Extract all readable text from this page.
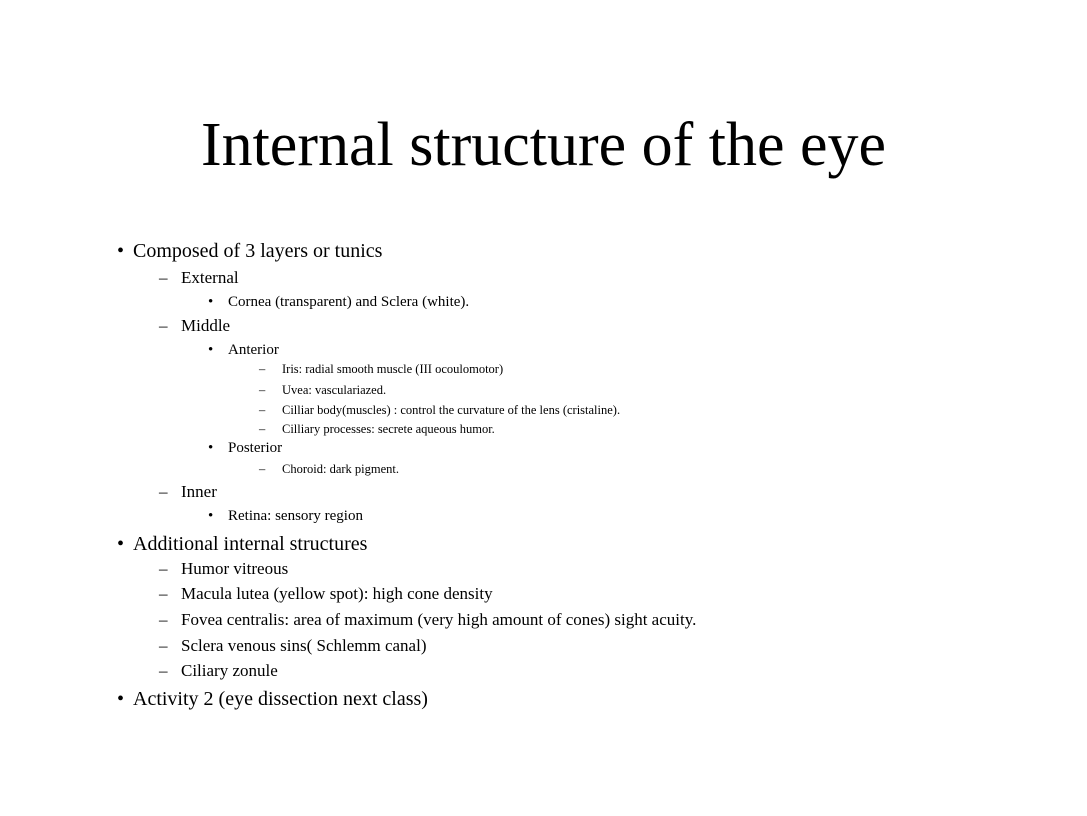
Internal structure of the eye
• Composed of 3 layers or tunics
– External
• Cornea (transparent) and Sclera (white).
– Middle
• Anterior
– Iris: radial smooth muscle (III ocoulomotor)
– Uvea: vasculariazed.
– Cilliar body(muscles) : control the curvature of the lens (cristaline).
– Cilliary processes: secrete aqueous humor.
• Posterior
– Choroid: dark pigment.
– Inner
• Retina: sensory region
• Additional internal structures
– Humor vitreous
– Macula lutea (yellow spot): high cone density
– Fovea centralis: area of maximum (very high amount of cones) sight acuity.
– Sclera venous sins( Schlemm canal)
– Ciliary zonule
• Activity 2 (eye dissection next class)
